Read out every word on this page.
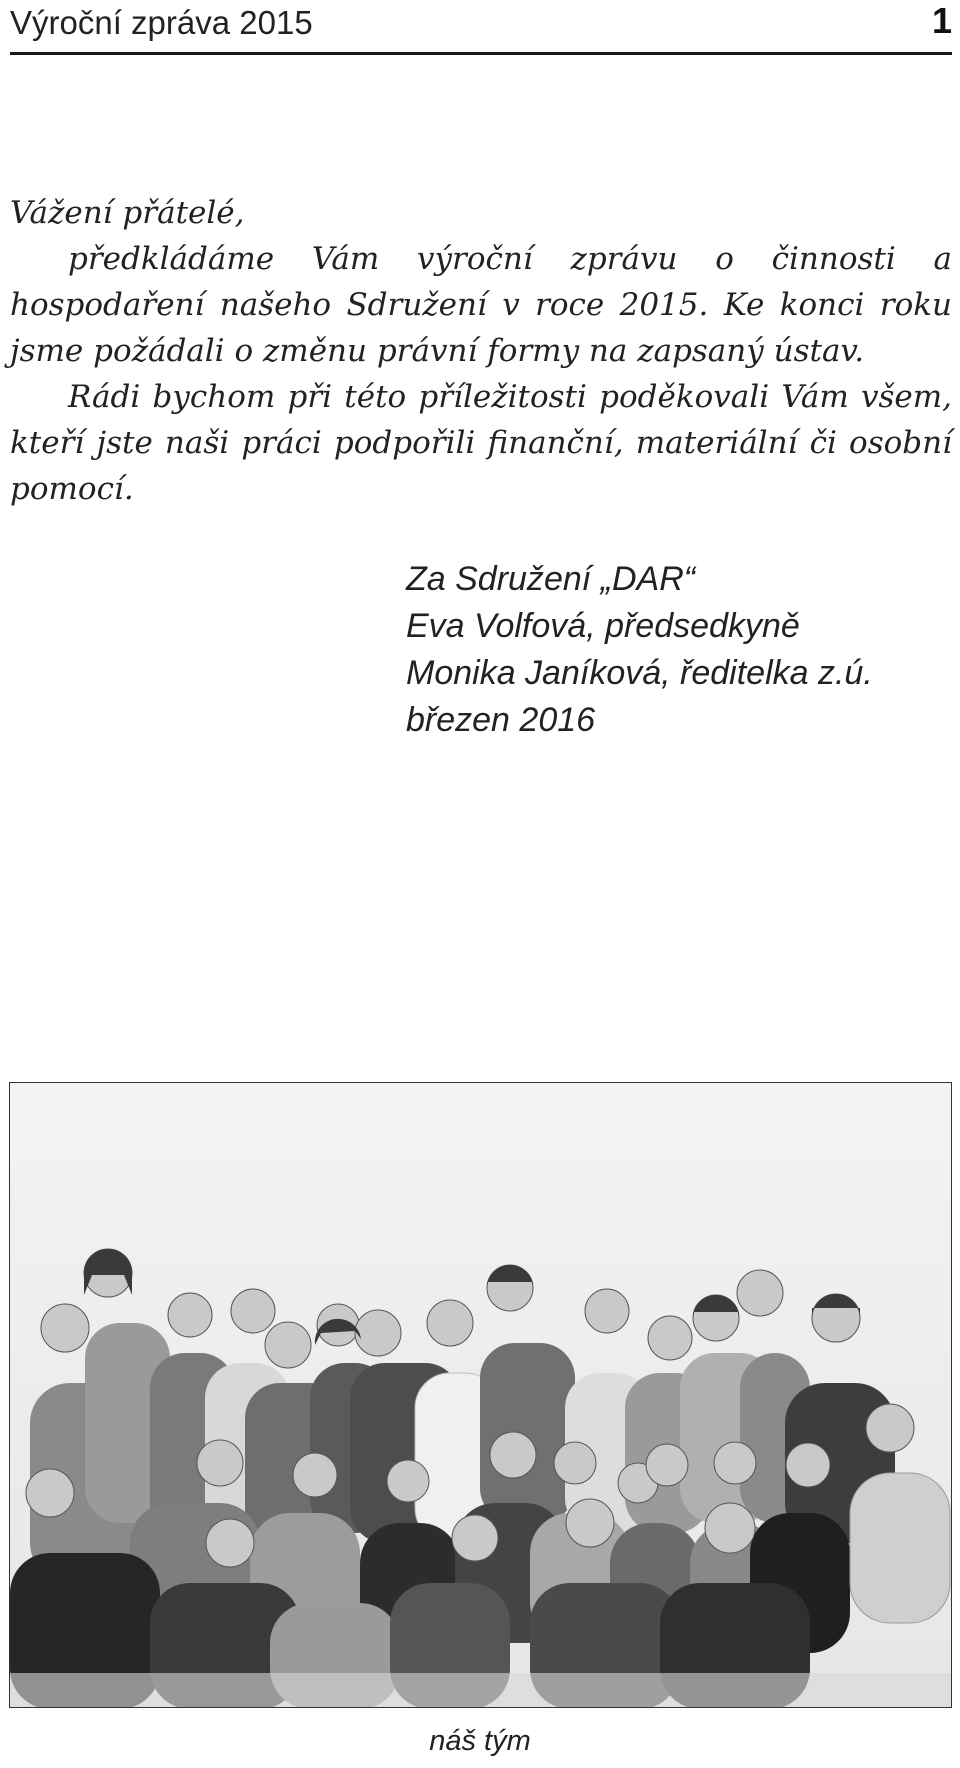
Výroční zpráva 2015	1

Vážení přátelé,

předkládáme Vám výroční zprávu o činnosti a hospodaření našeho Sdružení v roce 2015. Ke konci roku jsme požádali o změnu právní formy na zapsaný ústav.

Rádi bychom při této příležitosti poděkovali Vám všem, kteří jste naši práci podpořili finanční, materiální či osobní pomocí.

Za Sdružení „DAR“
Eva Volfová, předsedkyně
Monika Janíková, ředitelka z.ú.
březen 2016
náš tým
